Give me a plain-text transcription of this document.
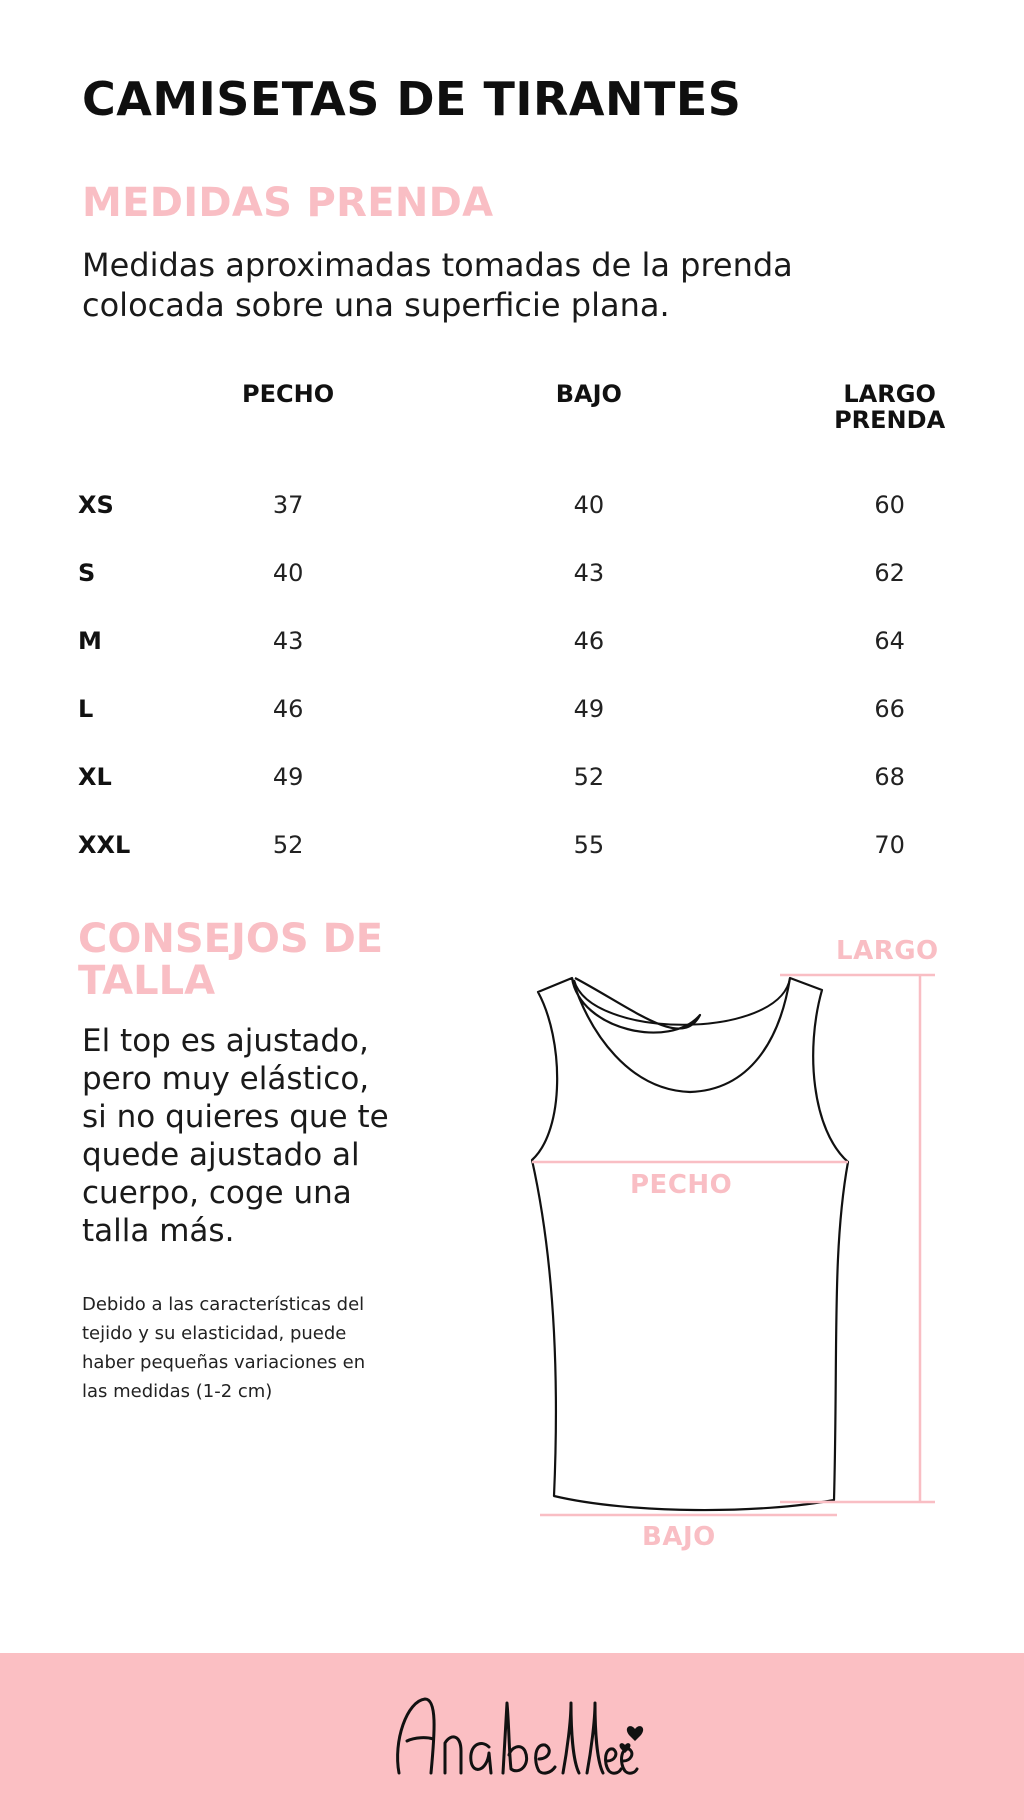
CAMISETAS DE TIRANTES
MEDIDAS PRENDA

Medidas aproximadas tomadas de la prenda colocada sobre una superficie plana.

	PECHO		BAJO		LARGO PRENDA
XS	37		40		60
S	40		43		62
M	43		46		64
L	46		49		66
XL	49		52		68
XXL	52		55		70
CONSEJOS DE TALLA

El top es ajustado, pero muy elástico, si no quieres que te quede ajustado al cuerpo, coge una talla más.

Debido a las características del tejido y su elasticidad, puede haber pequeñas variaciones en las medidas (1-2 cm)

LARGO
PECHO
BAJO
